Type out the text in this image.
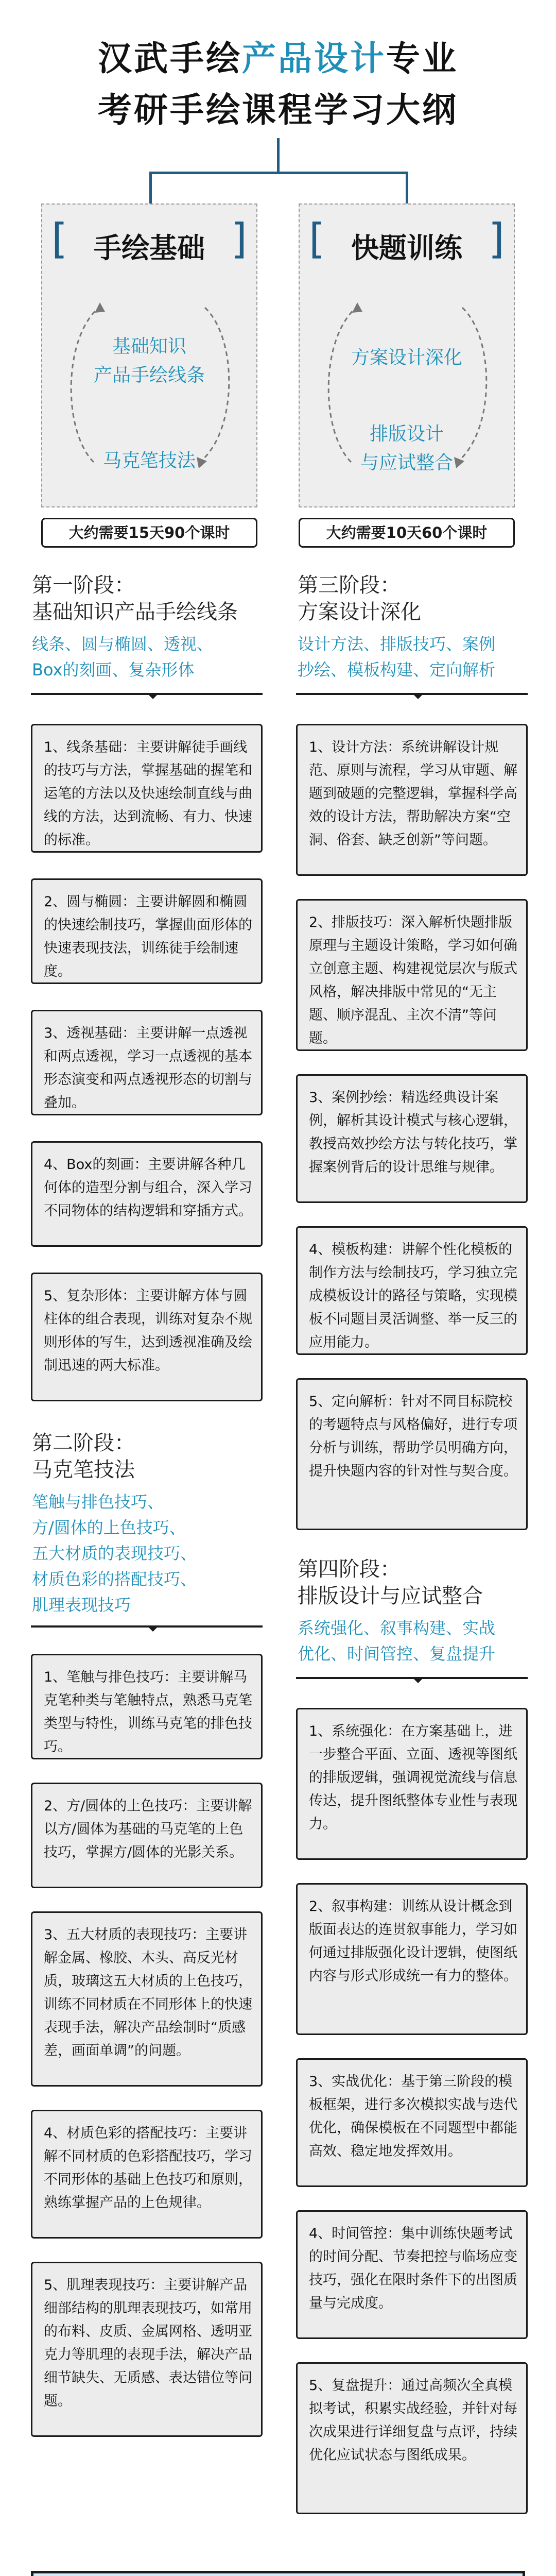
汉武手绘产品设计专业
考研手绘课程学习大纲
[	]
手绘基础
基础知识
产品手绘线条
马克笔技法
大约需要15天90个课时
[	]
快题训练
方案设计深化
排版设计
与应试整合
大约需要10天60个课时
第一阶段：
基础知识产品手绘线条
线条、圆与椭圆、透视、
Box的刻画、复杂形体
1、线条基础：主要讲解徒手画线的技巧与方法，掌握基础的握笔和运笔的方法以及快速绘制直线与曲线的方法，达到流畅、有力、快速的标准。
2、圆与椭圆：主要讲解圆和椭圆的快速绘制技巧，掌握曲面形体的快速表现技法，训练徒手绘制速度。
3、透视基础：主要讲解一点透视和两点透视，学习一点透视的基本形态演变和两点透视形态的切割与叠加。
4、Box的刻画：主要讲解各种几何体的造型分割与组合，深入学习不同物体的结构逻辑和穿插方式。
5、复杂形体：主要讲解方体与圆柱体的组合表现，训练对复杂不规则形体的写生，达到透视准确及绘制迅速的两大标准。
第二阶段：
马克笔技法
笔触与排色技巧、
方/圆体的上色技巧、
五大材质的表现技巧、
材质色彩的搭配技巧、
肌理表现技巧
1、笔触与排色技巧：主要讲解马克笔种类与笔触特点，熟悉马克笔类型与特性，训练马克笔的排色技巧。
2、方/圆体的上色技巧：主要讲解以方/圆体为基础的马克笔的上色技巧，掌握方/圆体的光影关系。
3、五大材质的表现技巧：主要讲解金属、橡胶、木头、高反光材质，玻璃这五大材质的上色技巧，训练不同材质在不同形体上的快速表现手法，解决产品绘制时“质感差，画面单调”的问题。
4、材质色彩的搭配技巧：主要讲解不同材质的色彩搭配技巧，学习不同形体的基础上色技巧和原则，熟练掌握产品的上色规律。
5、肌理表现技巧：主要讲解产品细部结构的肌理表现技巧，如常用的布料、皮质、金属网格、透明亚克力等肌理的表现手法，解决产品细节缺失、无质感、表达错位等问题。
第三阶段：
方案设计深化
设计方法、排版技巧、案例
抄绘、模板构建、定向解析
1、设计方法：系统讲解设计规范、原则与流程，学习从审题、解题到破题的完整逻辑，掌握科学高效的设计方法，帮助解决方案“空洞、俗套、缺乏创新”等问题。
2、排版技巧：深入解析快题排版原理与主题设计策略，学习如何确立创意主题、构建视觉层次与版式风格，解决排版中常见的“无主题、顺序混乱、主次不清”等问题。
3、案例抄绘：精选经典设计案例，解析其设计模式与核心逻辑，教授高效抄绘方法与转化技巧，掌握案例背后的设计思维与规律。
4、模板构建：讲解个性化模板的制作方法与绘制技巧，学习独立完成模板设计的路径与策略，实现模板不同题目灵活调整、举一反三的应用能力。
5、定向解析：针对不同目标院校的考题特点与风格偏好，进行专项分析与训练，帮助学员明确方向，提升快题内容的针对性与契合度。
第四阶段：
排版设计与应试整合
系统强化、叙事构建、实战
优化、时间管控、复盘提升
1、系统强化：在方案基础上，进一步整合平面、立面、透视等图纸的排版逻辑，强调视觉流线与信息传达，提升图纸整体专业性与表现力。
2、叙事构建：训练从设计概念到版面表达的连贯叙事能力，学习如何通过排版强化设计逻辑，使图纸内容与形式形成统一有力的整体。
3、实战优化：基于第三阶段的模板框架，进行多次模拟实战与迭代优化，确保模板在不同题型中都能高效、稳定地发挥效用。
4、时间管控：集中训练快题考试的时间分配、节奏把控与临场应变技巧，强化在限时条件下的出图质量与完成度。
5、复盘提升：通过高频次全真模拟考试，积累实战经验，并针对每次成果进行详细复盘与点评，持续优化应试状态与图纸成果。
